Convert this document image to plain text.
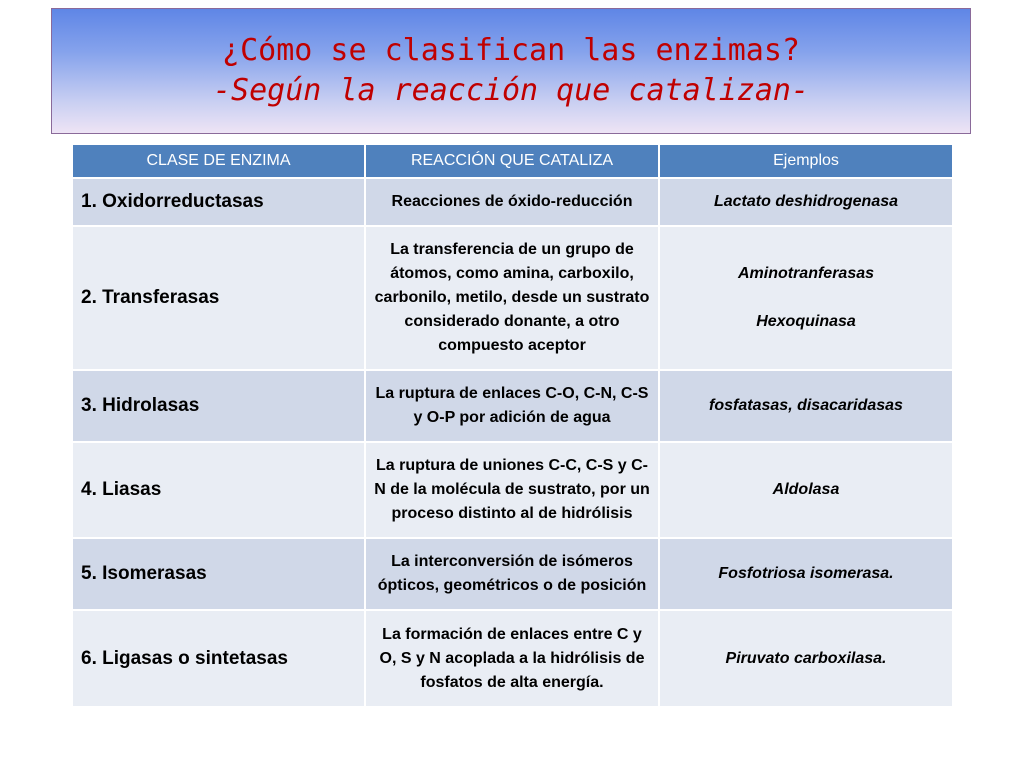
¿Cómo se clasifican las enzimas?
-Según la reacción que catalizan-
CLASE DE ENZIMA	REACCIÓN QUE CATALIZA	Ejemplos
1. Oxidorreductasas	Reacciones de óxido-reducción	Lactato deshidrogenasa

2. Transferasas	La transferencia de un grupo de átomos, como amina, carboxilo, carbonilo, metilo, desde un sustrato considerado donante, a otro compuesto aceptor	Aminotranferasas
Hexoquinasa

3. Hidrolasas	La ruptura de enlaces C-O, C-N, C-S y O-P por adición de agua	fosfatasas, disacaridasas

4. Liasas	La ruptura de uniones C-C, C-S y C-N de la molécula de sustrato, por un proceso distinto al de hidrólisis	Aldolasa

5. Isomerasas	La interconversión de isómeros ópticos, geométricos o de posición	Fosfotriosa isomerasa.

6. Ligasas o sintetasas	La formación de enlaces entre C y O, S y N acoplada a la hidrólisis de fosfatos de alta energía.	Piruvato carboxilasa.
